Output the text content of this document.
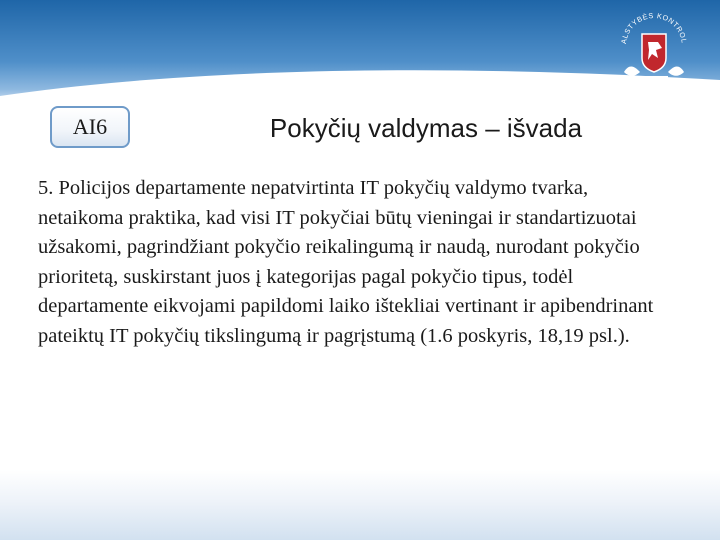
ALSTYBĖS KONTROL
AI6	Pokyčių valdymas – išvada

5. Policijos departamente nepatvirtinta IT pokyčių valdymo tvarka, netaikoma praktika, kad visi IT pokyčiai būtų vieningai ir standartizuotai užsakomi, pagrindžiant pokyčio reikalingumą ir naudą, nurodant pokyčio prioritetą, suskirstant juos į kategorijas pagal pokyčio tipus, todėl departamente eikvojami papildomi laiko ištekliai vertinant ir apibendrinant pateiktų IT pokyčių tikslingumą ir pagrįstumą (1.6 poskyris, 18,19 psl.).
